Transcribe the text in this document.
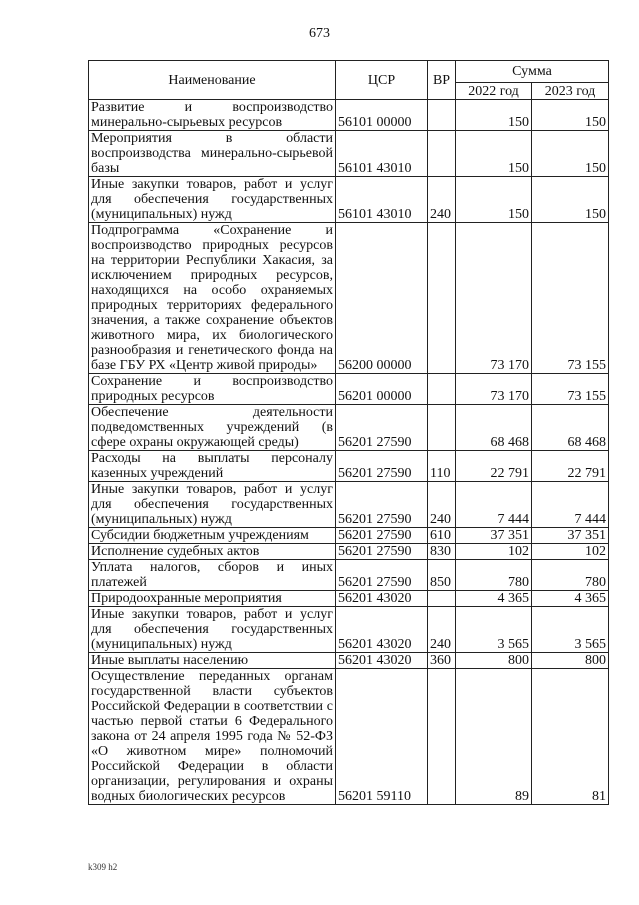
673
Наименование	ЦСР	ВР	Сумма	
			2022 год	2023 год
Развитие и воспроизводство минерально-сырьевых ресурсов	56101 00000		150	150
Мероприятия в области воспроизводства минерально-сырьевой базы	56101 43010		150	150
Иные закупки товаров, работ и услуг для обеспечения государственных (муниципальных) нужд	56101 43010	240	150	150
Подпрограмма «Сохранение и воспроизводство природных ресурсов на территории Республики Хакасия, за исключением природных ресурсов, находящихся на особо охраняемых природных территориях федерального значения, а также сохранение объектов животного мира, их биологического разнообразия и генетического фонда на базе ГБУ РХ «Центр живой природы»	56200 00000		73 170	73 155
Сохранение и воспроизводство природных ресурсов	56201 00000		73 170	73 155
Обеспечение деятельности подведомственных учреждений (в сфере охраны окружающей среды)	56201 27590		68 468	68 468
Расходы на выплаты персоналу казенных учреждений	56201 27590	110	22 791	22 791
Иные закупки товаров, работ и услуг для обеспечения государственных (муниципальных) нужд	56201 27590	240	7 444	7 444
Субсидии бюджетным учреждениям	56201 27590	610	37 351	37 351
Исполнение судебных актов	56201 27590	830	102	102
Уплата налогов, сборов и иных платежей	56201 27590	850	780	780
Природоохранные мероприятия	56201 43020		4 365	4 365
Иные закупки товаров, работ и услуг для обеспечения государственных (муниципальных) нужд	56201 43020	240	3 565	3 565
Иные выплаты населению	56201 43020	360	800	800
Осуществление переданных органам государственной власти субъектов Российской Федерации в соответствии с частью первой статьи 6 Федерального закона от 24 апреля 1995 года № 52-ФЗ «О животном мире» полномочий Российской Федерации в области организации, регулирования и охраны водных биологических ресурсов	56201 59110		89	81
k309 h2
